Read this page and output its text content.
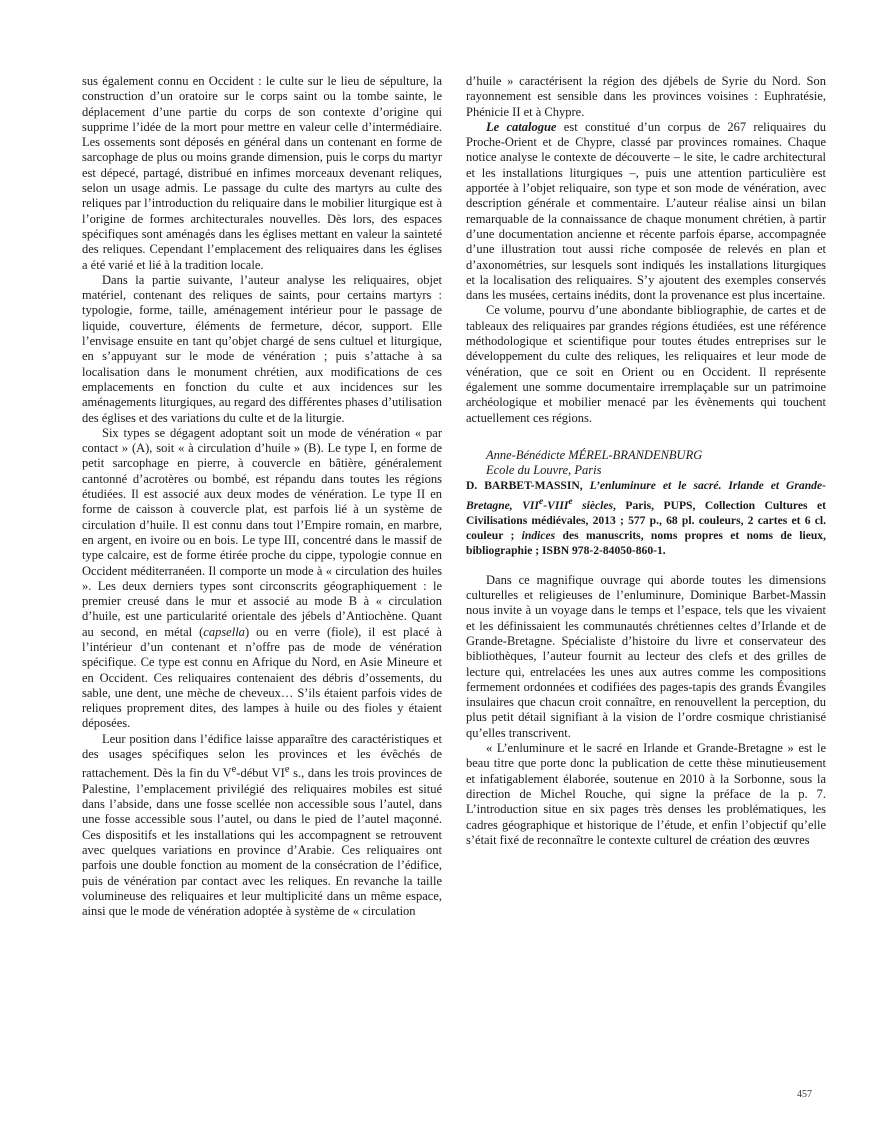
sus également connu en Occident : le culte sur le lieu de sépulture, la construction d’un oratoire sur le corps saint ou la tombe sainte, le déplacement d’une partie du corps de son contexte d’origine qui supprime l’idée de la mort pour mettre en valeur celle d’intermédiaire. Les ossements sont déposés en général dans un contenant en forme de sarcophage de plus ou moins grande dimension, puis le corps du martyr est dépecé, partagé, distribué en infimes morceaux devenant reliques, selon un usage admis. Le passage du culte des martyrs au culte des reliques par l’introduction du reliquaire dans le mobilier liturgique est à l’origine de formes architecturales nouvelles. Dès lors, des espaces spécifiques sont aménagés dans les églises mettant en valeur la sainteté des reliques. Cependant l’emplacement des reliquaires dans les églises a été varié et lié à la tradition locale.

Dans la partie suivante, l’auteur analyse les reliquaires, objet matériel, contenant des reliques de saints, pour certains martyrs : typologie, forme, taille, aménagement intérieur pour le passage de liquide, couverture, éléments de fermeture, décor, support. Elle l’envisage ensuite en tant qu’objet chargé de sens cultuel et liturgique, en s’appuyant sur le mode de vénération ; puis s’attache à sa localisation dans le monument chrétien, aux modifications de ces emplacements en fonction du culte et aux incidences sur les aménagements liturgiques, au regard des différentes phases d’utilisation des églises et des variations du culte et de la liturgie.

Six types se dégagent adoptant soit un mode de vénération « par contact » (A), soit « à circulation d’huile » (B). Le type I, en forme de petit sarcophage en pierre, à couvercle en bâtière, généralement cantonné d’acrotères ou bombé, est répandu dans toutes les régions étudiées. Il est associé aux deux modes de vénération. Le type II en forme de caisson à couvercle plat, est parfois lié à un système de circulation d’huile. Il est connu dans tout l’Empire romain, en marbre, en argent, en ivoire ou en bois. Le type III, concentré dans le massif de type calcaire, est de forme étirée proche du cippe, typologie connue en Occident méditerranéen. Il comporte un mode à « circulation des huiles ». Les deux derniers types sont circonscrits géographiquement : le premier creusé dans le mur et associé au mode B à « circulation d’huile, est une particularité orientale des jébels d’Antiochène. Quant au second, en métal (capsella) ou en verre (fiole), il est placé à l’intérieur d’un contenant et n’offre pas de mode de vénération spécifique. Ce type est connu en Afrique du Nord, en Asie Mineure et en Occident. Ces reliquaires contenaient des débris d’ossements, du sable, une dent, une mèche de cheveux… S’ils étaient parfois vides de reliques proprement dites, des lampes à huile ou des fioles y étaient déposées.

Leur position dans l’édifice laisse apparaître des caractéristiques et des usages spécifiques selon les provinces et les évêchés de rattachement. Dès la fin du Ve-début VIe s., dans les trois provinces de Palestine, l’emplacement privilégié des reliquaires mobiles est situé dans l’abside, dans une fosse scellée non accessible sous l’autel, dans une fosse accessible sous l’autel, ou dans le pied de l’autel maçonné. Ces dispositifs et les installations qui les accompagnent se retrouvent avec quelques variations en province d’Arabie. Ces reliquaires ont parfois une double fonction au moment de la consécration de l’édifice, puis de vénération par contact avec les reliques. En revanche la taille volumineuse des reliquaires et leur multiplicité dans un même espace, ainsi que le mode de vénération adoptée à système de « circulation

d’huile » caractérisent la région des djébels de Syrie du Nord. Son rayonnement est sensible dans les provinces voisines : Euphratésie, Phénicie II et à Chypre.

Le catalogue est constitué d’un corpus de 267 reliquaires du Proche-Orient et de Chypre, classé par provinces romaines. Chaque notice analyse le contexte de découverte – le site, le cadre architectural et les installations liturgiques –, puis une attention particulière est apportée à l’objet reliquaire, son type et son mode de vénération, avec description générale et commentaire. L’auteur réalise ainsi un bilan remarquable de la connaissance de chaque monument chrétien, à partir d’une documentation ancienne et récente parfois éparse, accompagnée d’une illustration tout aussi riche composée de relevés en plan et d’axonométries, sur lesquels sont indiqués les installations liturgiques et la localisation des reliquaires. S’y ajoutent des exemples conservés dans les musées, certains inédits, dont la provenance est plus incertaine.

Ce volume, pourvu d’une abondante bibliographie, de cartes et de tableaux des reliquaires par grandes régions étudiées, est une référence méthodologique et scientifique pour toutes études entreprises sur le développement du culte des reliques, les reliquaires et leur mode de vénération, que ce soit en Orient ou en Occident. Il représente également une somme documentaire irremplaçable sur un patrimoine archéologique et mobilier menacé par les évènements qui touchent actuellement ces régions.

Anne-Bénédicte MÉREL-BRANDENBURG
Ecole du Louvre, Paris

D. BARBET-MASSIN, L’enluminure et le sacré. Irlande et Grande-Bretagne, VIIe-VIIIe siècles, Paris, PUPS, Collection Cultures et Civilisations médiévales, 2013 ; 577 p., 68 pl. couleurs, 2 cartes et 6 cl. couleur ; indices des manuscrits, noms propres et noms de lieux, bibliographie ; ISBN 978-2-84050-860-1.

Dans ce magnifique ouvrage qui aborde toutes les dimensions culturelles et religieuses de l’enluminure, Dominique Barbet-Massin nous invite à un voyage dans le temps et l’espace, tels que les vivaient et les définissaient les communautés chrétiennes celtes d’Irlande et de Grande-Bretagne. Spécialiste d’histoire du livre et conservateur des bibliothèques, l’auteur fournit au lecteur des clefs et des grilles de lecture qui, entrelacées les unes aux autres comme les compositions fermement ordonnées et codifiées des pages-tapis des grands Évangiles insulaires que chacun croit connaître, en renouvellent la perception, du plus petit détail signifiant à la vision de l’ordre cosmique christianisé qu’elles transcrivent.

« L’enluminure et le sacré en Irlande et Grande-Bretagne » est le beau titre que porte donc la publication de cette thèse minutieusement et infatigablement élaborée, soutenue en 2010 à la Sorbonne, sous la direction de Michel Rouche, qui signe la préface de la p. 7. L’introduction situe en six pages très denses les problématiques, les cadres géographique et historique de l’étude, et enfin l’objectif qu’elle s’était fixé de reconnaître le contexte culturel de création des œuvres

457
